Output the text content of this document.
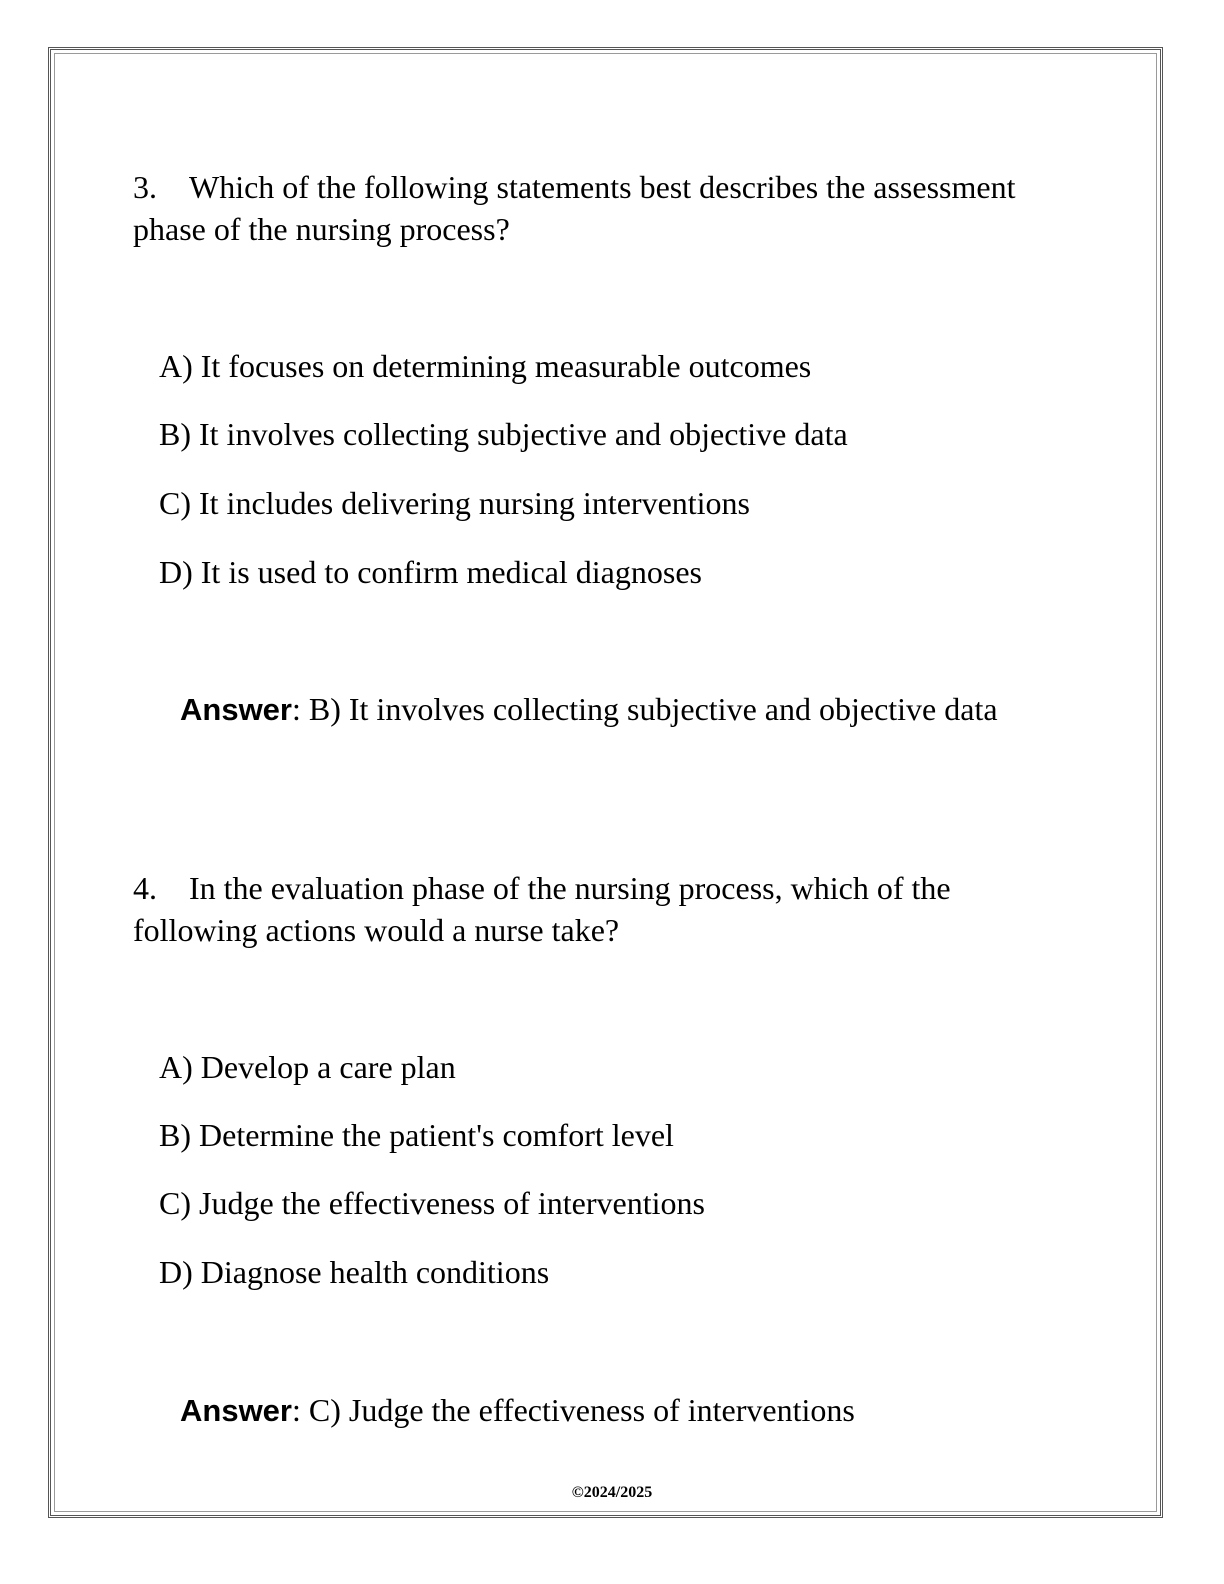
3. Which of the following statements best describes the assessment phase of the nursing process?

A) It focuses on determining measurable outcomes

B) It involves collecting subjective and objective data

C) It includes delivering nursing interventions

D) It is used to confirm medical diagnoses

Answer: B) It involves collecting subjective and objective data

4. In the evaluation phase of the nursing process, which of the following actions would a nurse take?

A) Develop a care plan

B) Determine the patient's comfort level

C) Judge the effectiveness of interventions

D) Diagnose health conditions

Answer: C) Judge the effectiveness of interventions

©2024/2025
